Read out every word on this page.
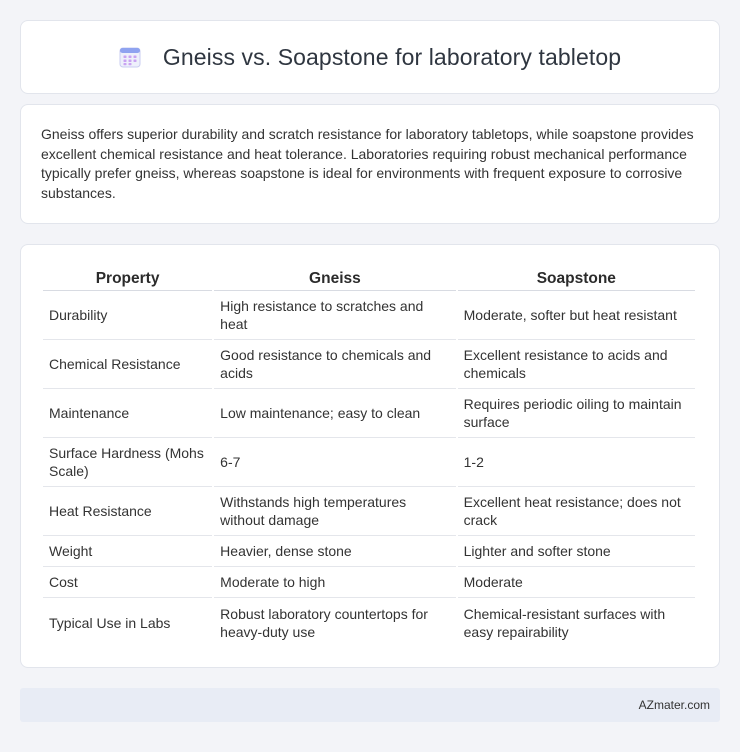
Gneiss vs. Soapstone for laboratory tabletop

Gneiss offers superior durability and scratch resistance for laboratory tabletops, while soapstone provides excellent chemical resistance and heat tolerance. Laboratories requiring robust mechanical performance typically prefer gneiss, whereas soapstone is ideal for environments with frequent exposure to corrosive substances.

Property	Gneiss	Soapstone
Durability	High resistance to scratches and heat	Moderate, softer but heat resistant
Chemical Resistance	Good resistance to chemicals and acids	Excellent resistance to acids and chemicals
Maintenance	Low maintenance; easy to clean	Requires periodic oiling to maintain surface
Surface Hardness (Mohs Scale)	6-7	1-2
Heat Resistance	Withstands high temperatures without damage	Excellent heat resistance; does not crack
Weight	Heavier, dense stone	Lighter and softer stone
Cost	Moderate to high	Moderate
Typical Use in Labs	Robust laboratory countertops for heavy-duty use	Chemical-resistant surfaces with easy repairability
AZmater.com
